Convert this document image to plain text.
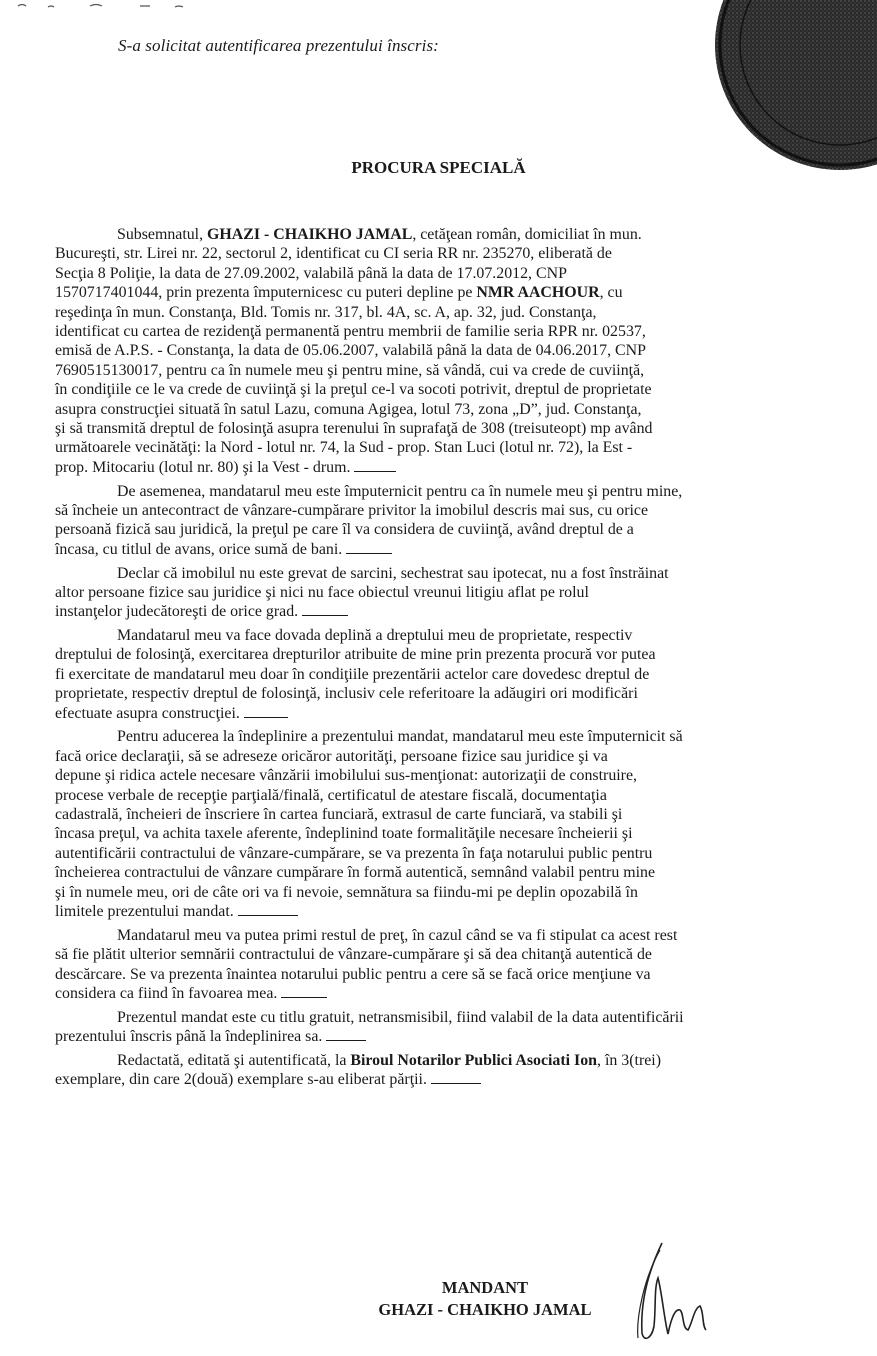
S-a solicitat autentificarea prezentului înscris:
PROCURA SPECIALĂ
Subsemnatul, GHAZI - CHAIKHO JAMAL, cetăţean român, domiciliat în mun.
Bucureşti, str. Lirei nr. 22, sectorul 2, identificat cu CI seria RR nr. 235270, eliberată de
Secţia 8 Poliţie, la data de 27.09.2002, valabilă până la data de 17.07.2012, CNP
1570717401044, prin prezenta împuternicesc cu puteri depline pe NMR AACHOUR, cu
reşedinţa în mun. Constanţa, Bld. Tomis nr. 317, bl. 4A, sc. A, ap. 32, jud. Constanţa,
identificat cu cartea de rezidenţă permanentă pentru membrii de familie seria RPR nr. 02537,
emisă de A.P.S. - Constanţa, la data de 05.06.2007, valabilă până la data de 04.06.2017, CNP
7690515130017, pentru ca în numele meu şi pentru mine, să vândă, cui va crede de cuviinţă,
în condiţiile ce le va crede de cuviinţă şi la preţul ce-l va socoti potrivit, dreptul de proprietate
asupra construcţiei situată în satul Lazu, comuna Agigea, lotul 73, zona „D”, jud. Constanţa,
şi să transmită dreptul de folosinţă asupra terenului în suprafaţă de 308 (treisuteopt) mp având
următoarele vecinătăţi: la Nord - lotul nr. 74, la Sud - prop. Stan Luci (lotul nr. 72), la Est -
prop. Mitocariu (lotul nr. 80) şi la Vest - drum.
De asemenea, mandatarul meu este împuternicit pentru ca în numele meu şi pentru mine,
să încheie un antecontract de vânzare-cumpărare privitor la imobilul descris mai sus, cu orice
persoană fizică sau juridică, la preţul pe care îl va considera de cuviinţă, având dreptul de a
încasa, cu titlul de avans, orice sumă de bani.
Declar că imobilul nu este grevat de sarcini, sechestrat sau ipotecat, nu a fost înstrăinat
altor persoane fizice sau juridice şi nici nu face obiectul vreunui litigiu aflat pe rolul
instanţelor judecătoreşti de orice grad.
Mandatarul meu va face dovada deplină a dreptului meu de proprietate, respectiv
dreptului de folosinţă, exercitarea drepturilor atribuite de mine prin prezenta procură vor putea
fi exercitate de mandatarul meu doar în condiţiile prezentării actelor care dovedesc dreptul de
proprietate, respectiv dreptul de folosinţă, inclusiv cele referitoare la adăugiri ori modificări
efectuate asupra construcţiei.
Pentru aducerea la îndeplinire a prezentului mandat, mandatarul meu este împuternicit să
facă orice declaraţii, să se adreseze oricăror autorităţi, persoane fizice sau juridice şi va
depune şi ridica actele necesare vânzării imobilului sus-menţionat: autorizaţii de construire,
procese verbale de recepţie parţială/finală, certificatul de atestare fiscală, documentaţia
cadastrală, încheieri de înscriere în cartea funciară, extrasul de carte funciară, va stabili şi
încasa preţul, va achita taxele aferente, îndeplinind toate formalităţile necesare încheierii şi
autentificării contractului de vânzare-cumpărare, se va prezenta în faţa notarului public pentru
încheierea contractului de vânzare cumpărare în formă autentică, semnând valabil pentru mine
şi în numele meu, ori de câte ori va fi nevoie, semnătura sa fiindu-mi pe deplin opozabilă în
limitele prezentului mandat.
Mandatarul meu va putea primi restul de preţ, în cazul când se va fi stipulat ca acest rest
să fie plătit ulterior semnării contractului de vânzare-cumpărare şi să dea chitanţă autentică de
descărcare. Se va prezenta înaintea notarului public pentru a cere să se facă orice menţiune va
considera ca fiind în favoarea mea.
Prezentul mandat este cu titlu gratuit, netransmisibil, fiind valabil de la data autentificării
prezentului înscris până la îndeplinirea sa.
Redactată, editată şi autentificată, la Biroul Notarilor Publici Asociati Ion, în 3(trei)
exemplare, din care 2(două) exemplare s-au eliberat părţii.
MANDANT
GHAZI - CHAIKHO JAMAL
